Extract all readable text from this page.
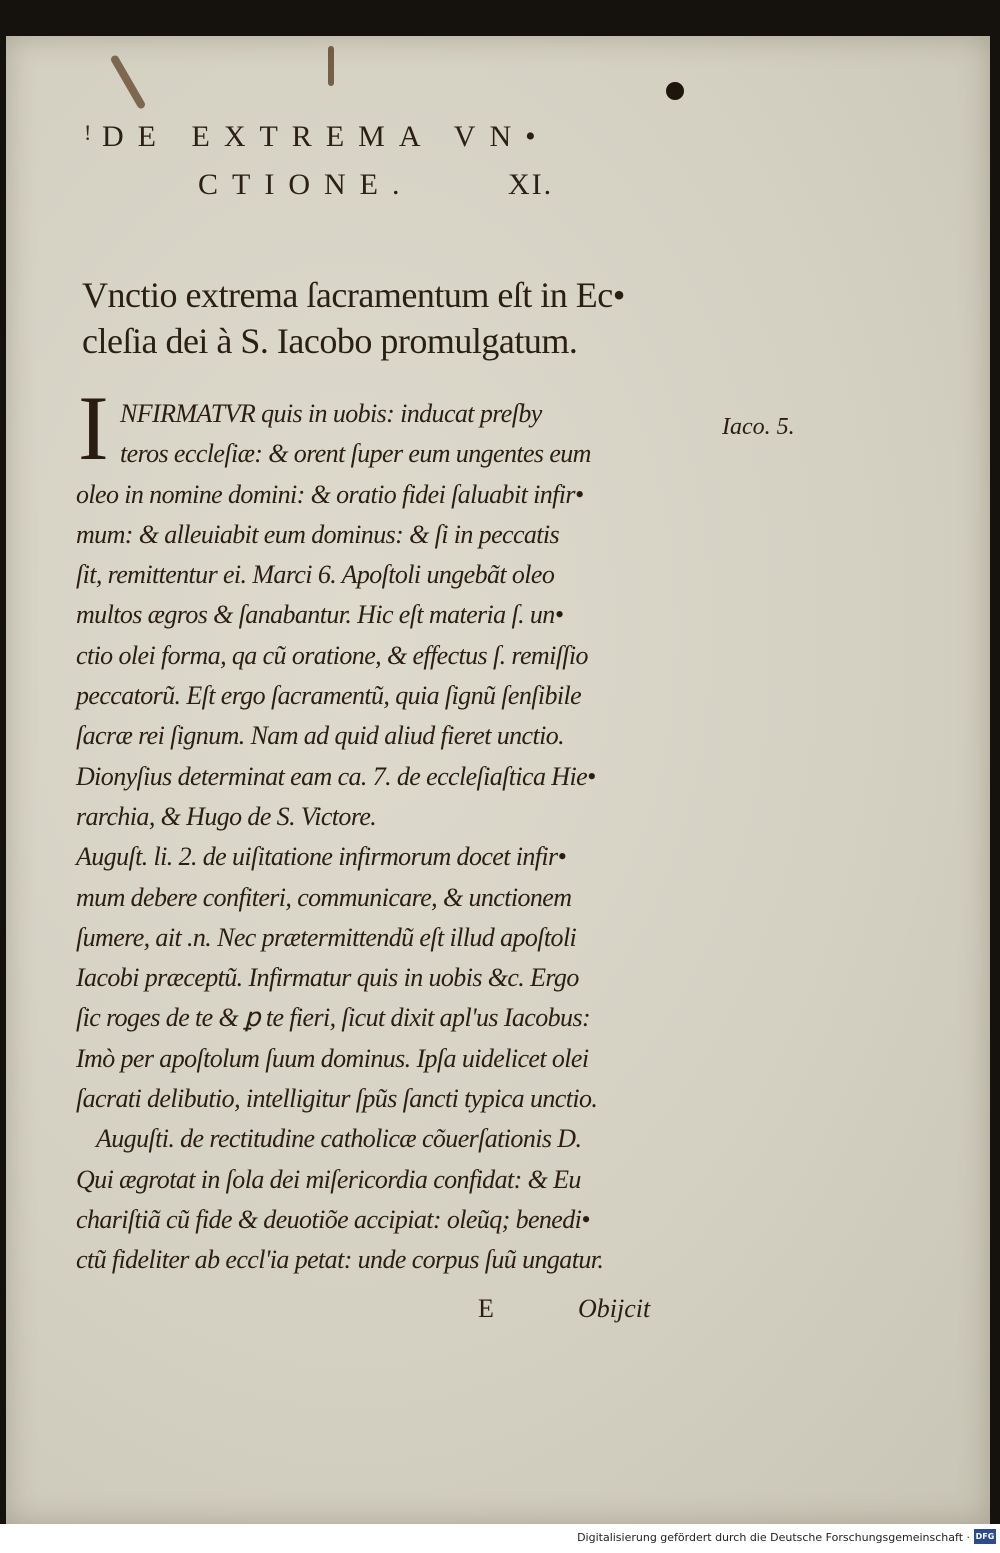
DE EXTREMA VN•
CTIONE.	XI.
!
Vnctio extrema ſacramentum eſt in Ec•
cleſia dei à S. Iacobo promulgatum.
I	Iaco. 5.
NFIRMATVR quis in uobis: inducat preſby
teros eccleſiæ: & orent ſuper eum ungentes eum
oleo in nomine domini: & oratio fidei ſaluabit infir•
mum: & alleuiabit eum dominus: & ſi in peccatis
ſit, remittentur ei. Marci 6. Apoſtoli ungebãt oleo
multos ægros & ſanabantur. Hic eſt materia ſ. un•
ctio olei forma, qa cũ oratione, & effectus ſ. remiſſio
peccatorũ. Eſt ergo ſacramentũ, quia ſignũ ſenſibile
ſacræ rei ſignum. Nam ad quid aliud fieret unctio.
Dionyſius determinat eam ca. 7. de eccleſiaſtica Hie•
rarchia, & Hugo de S. Victore.
Auguſt. li. 2. de uiſitatione infirmorum docet infir•
mum debere confiteri, communicare, & unctionem
ſumere, ait .n. Nec prætermittendũ eſt illud apoſtoli
Iacobi præceptũ. Infirmatur quis in uobis &c. Ergo
ſic roges de te & ꝑ te fieri, ſicut dixit apl'us Iacobus:
Imò per apoſtolum ſuum dominus. Ipſa uidelicet olei
ſacrati delibutio, intelligitur ſpũs ſancti typica unctio.
Auguſti. de rectitudine catholicæ cõuerſationis D.
Qui ægrotat in ſola dei miſericordia confidat: & Eu
chariſtiã cũ fide & deuotiõe accipiat: oleũq; benedi•
ctũ fideliter ab eccl'ia petat: unde corpus ſuũ ungatur.
E	Obijcit
Digitalisierung gefördert durch die Deutsche Forschungsgemeinschaft · DFG
